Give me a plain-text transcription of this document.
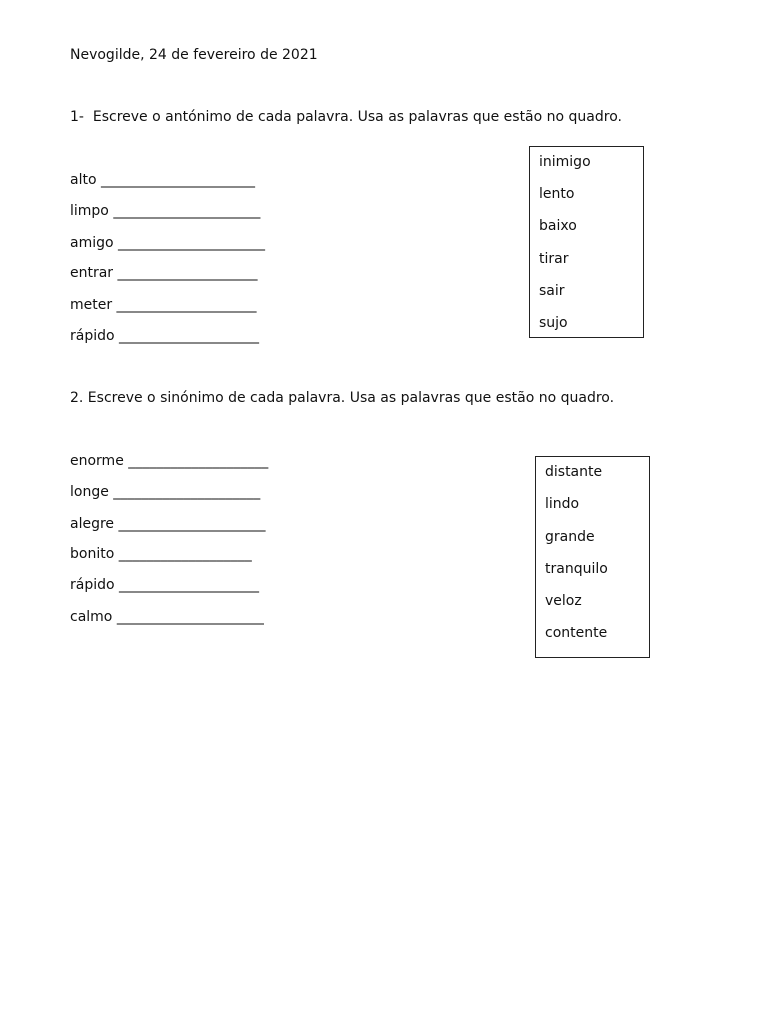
Nevogilde, 24 de fevereiro de 2021
1-  Escreve o antónimo de cada palavra. Usa as palavras que estão no quadro.
alto ______________________
limpo _____________________
amigo _____________________
entrar ____________________
meter ____________________
rápido ____________________
inimigo
lento
baixo
tirar
sair
sujo
2. Escreve o sinónimo de cada palavra. Usa as palavras que estão no quadro.
enorme ____________________
longe _____________________
alegre _____________________
bonito ___________________
rápido ____________________
calmo _____________________
distante
lindo
grande
tranquilo
veloz
contente
